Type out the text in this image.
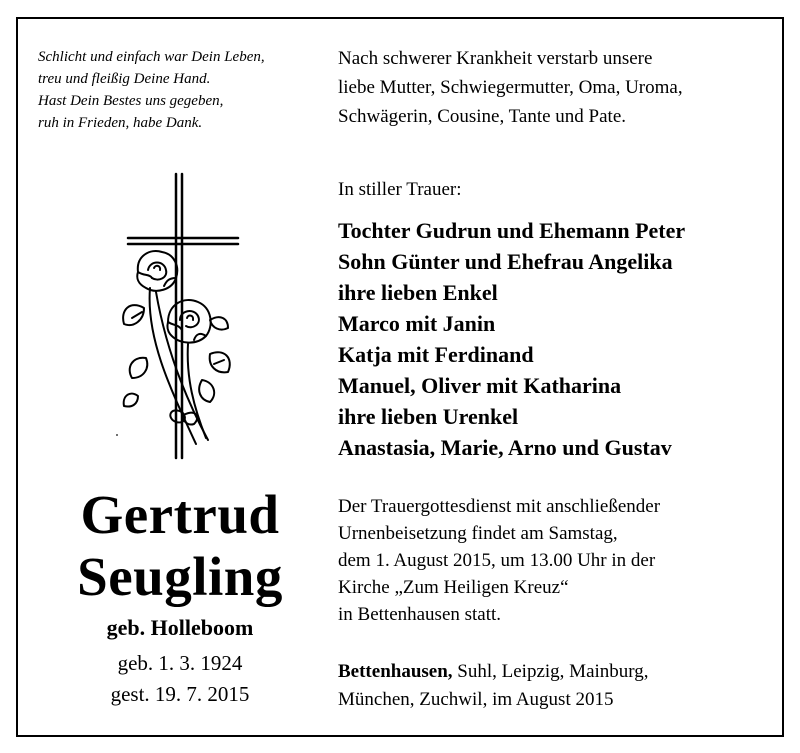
Schlicht und einfach war Dein Leben,
treu und fleißig Deine Hand.
Hast Dein Bestes uns gegeben,
ruh in Frieden, habe Dank.
Nach schwerer Krankheit verstarb unsere
liebe Mutter, Schwiegermutter, Oma, Uroma,
Schwägerin, Cousine, Tante und Pate.
In stiller Trauer:
Tochter Gudrun und Ehemann Peter
Sohn Günter und Ehefrau Angelika
ihre lieben Enkel
Marco mit Janin
Katja mit Ferdinand
Manuel, Oliver mit Katharina
ihre lieben Urenkel
Anastasia, Marie, Arno und Gustav
Gertrud
Seugling
geb. Holleboom
geb. 1. 3. 1924
gest. 19. 7. 2015
Der Trauergottesdienst mit anschließender
Urnenbeisetzung findet am Samstag,
dem 1. August 2015, um 13.00 Uhr in der
Kirche „Zum Heiligen Kreuz“
in Bettenhausen statt.
Bettenhausen, Suhl, Leipzig, Mainburg,
München, Zuchwil, im August 2015
